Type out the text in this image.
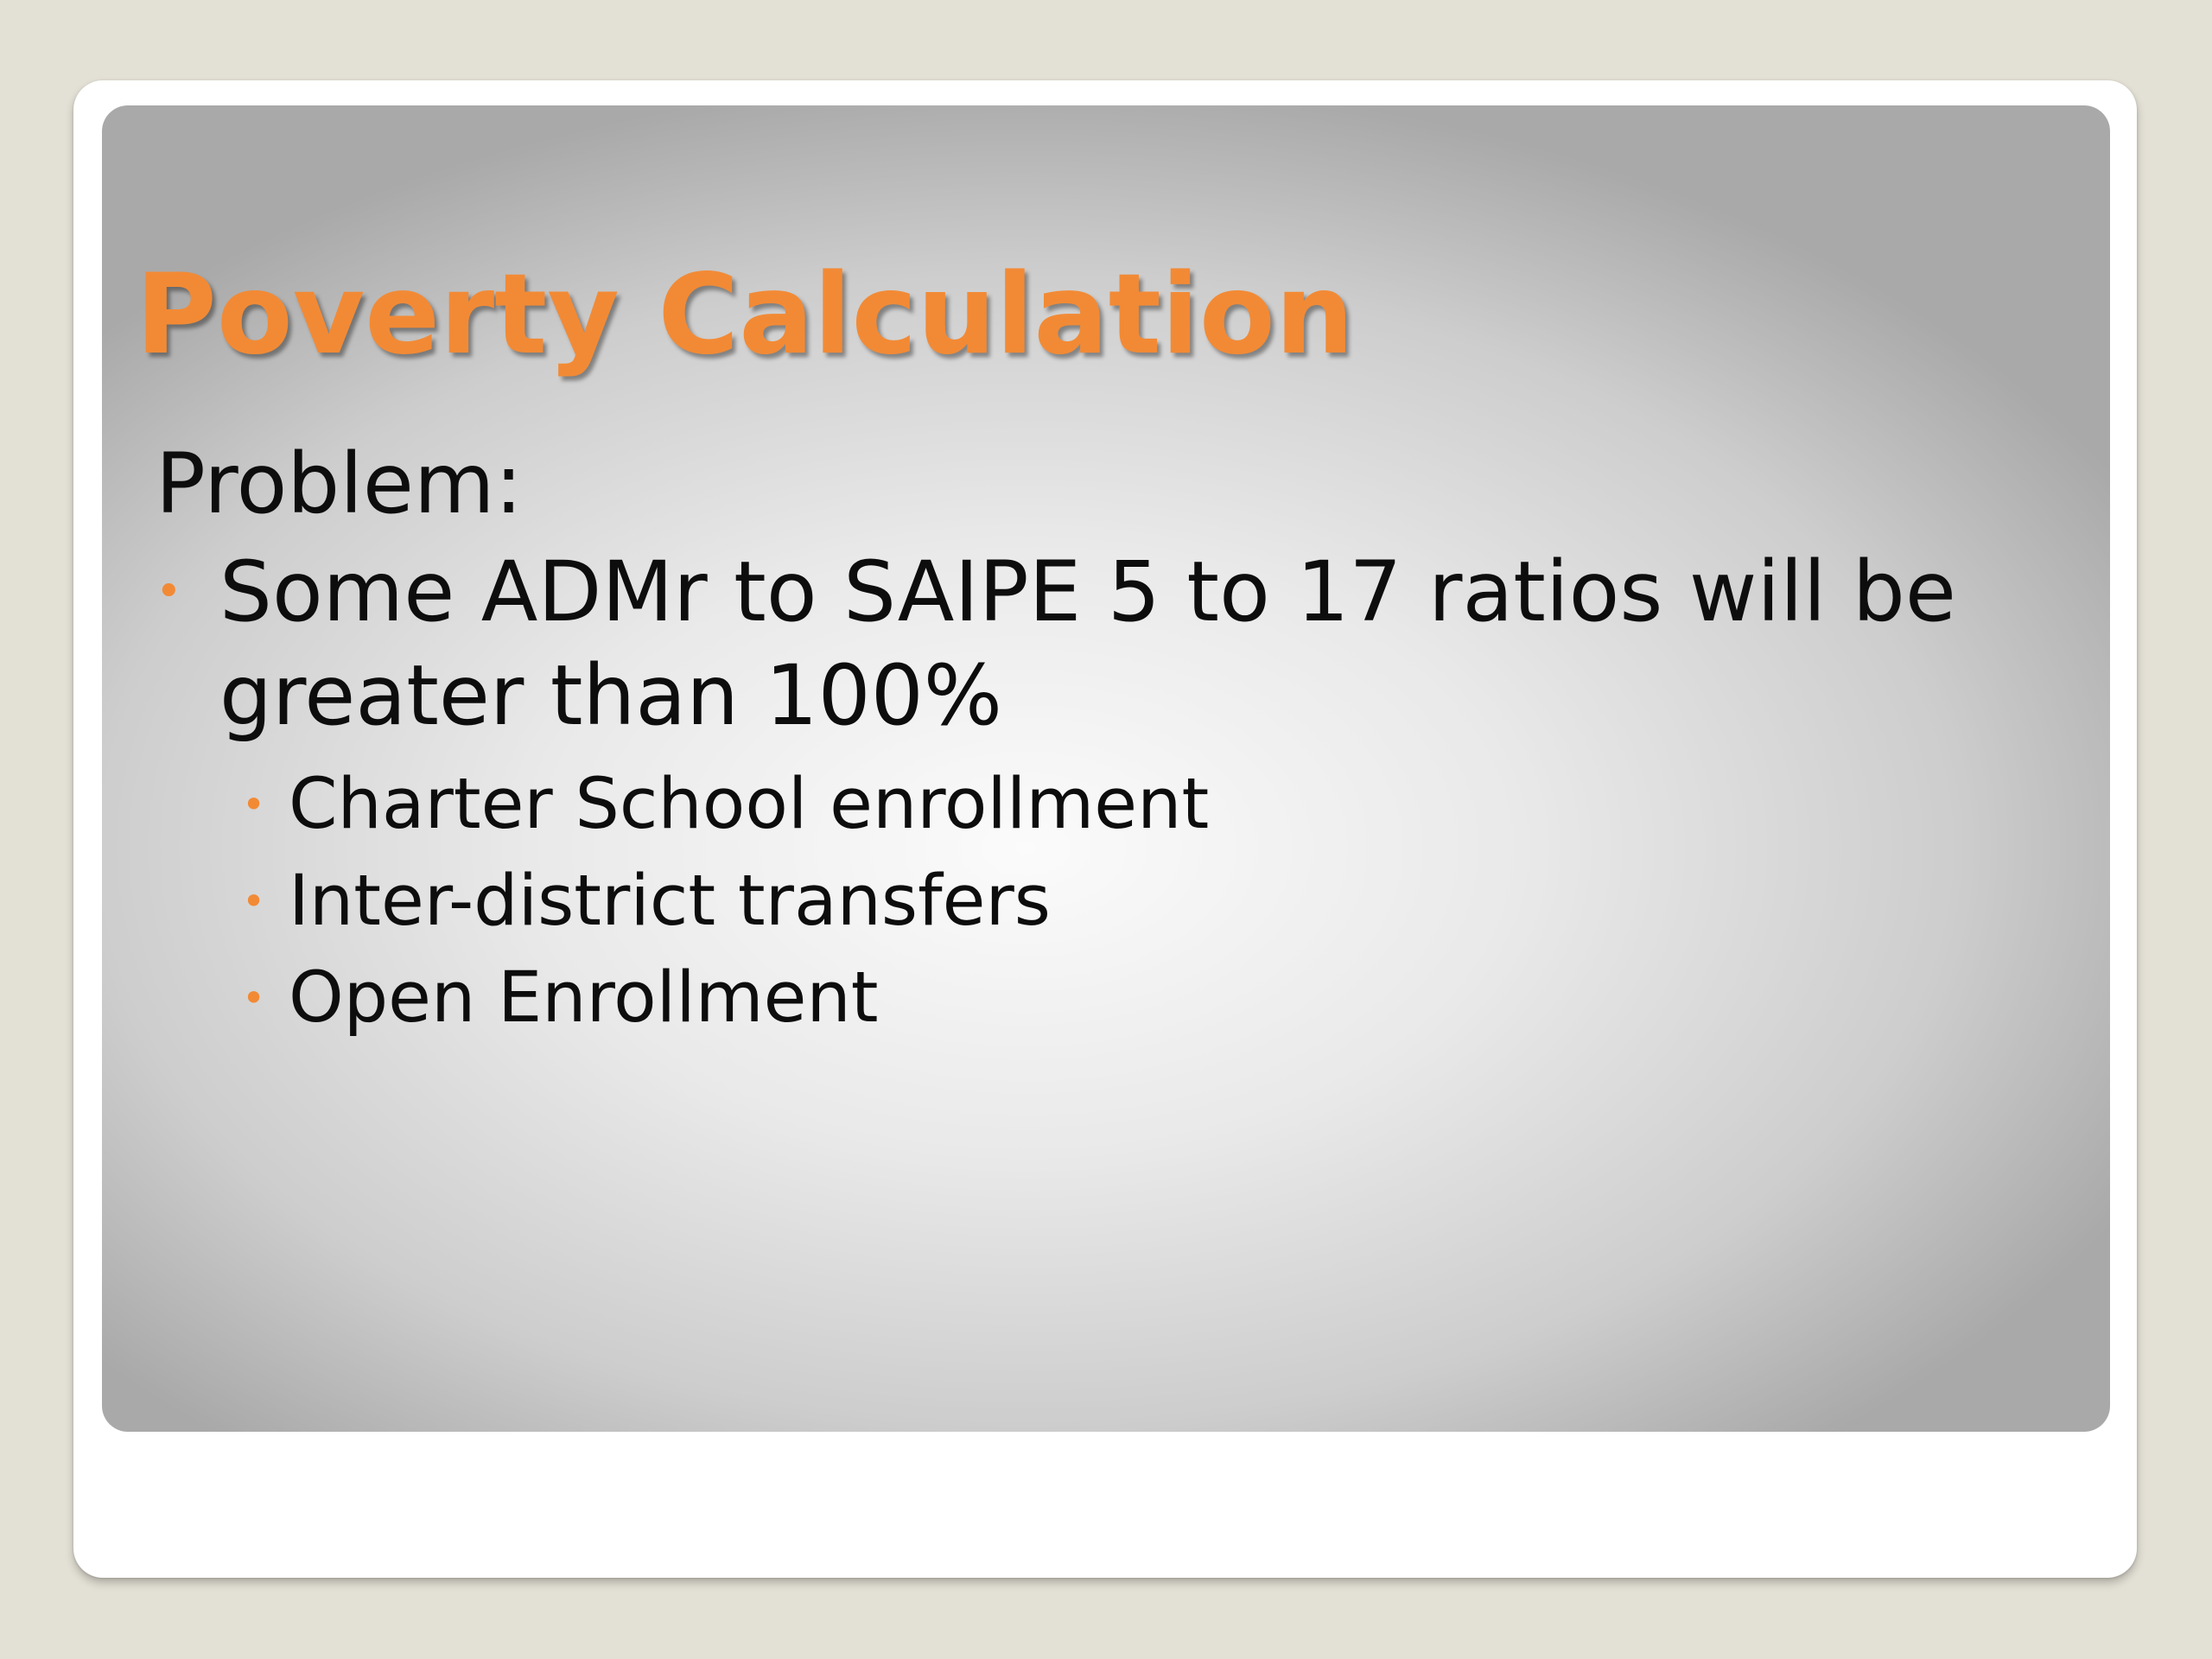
Poverty Calculation

Problem:

• Some ADMr to SAIPE 5 to 17 ratios will be greater than 100%
• Charter School enrollment
• Inter-district transfers
• Open Enrollment
